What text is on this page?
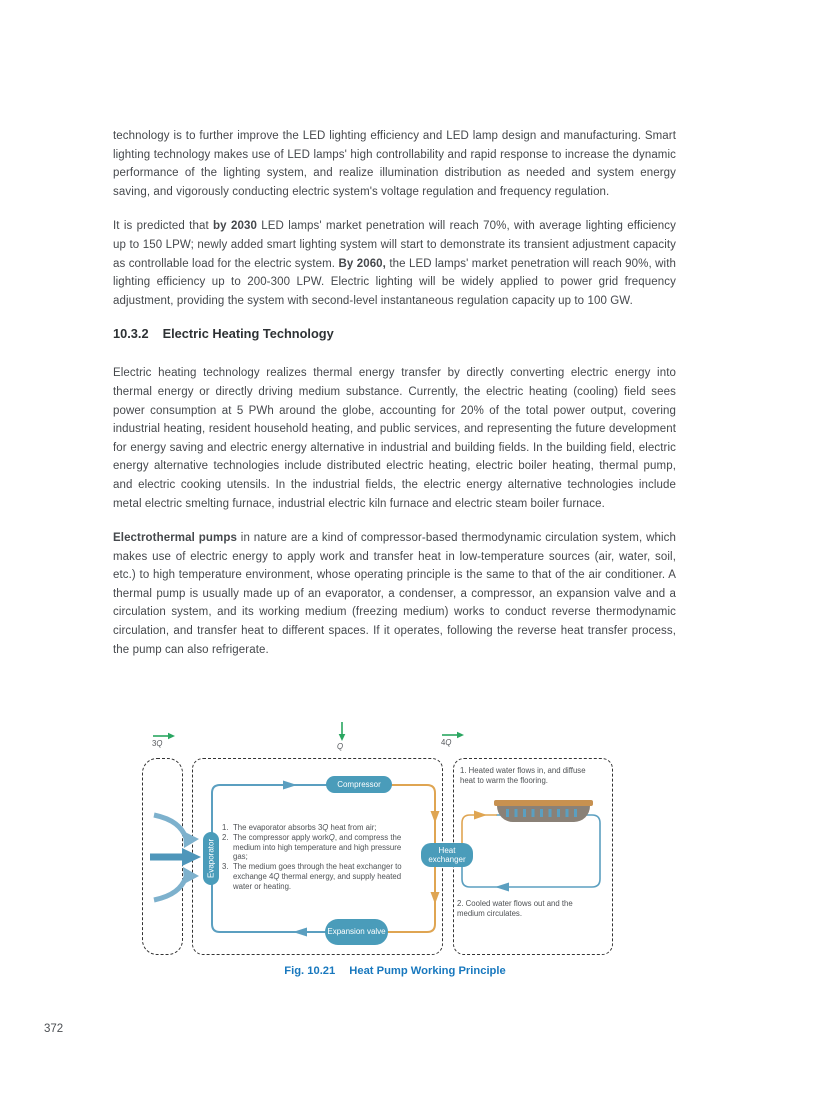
technology is to further improve the LED lighting efficiency and LED lamp design and manufacturing. Smart lighting technology makes use of LED lamps' high controllability and rapid response to increase the dynamic performance of the lighting system, and realize illumination distribution as needed and system energy saving, and vigorously conducting electric system's voltage regulation and frequency regulation.

It is predicted that by 2030 LED lamps' market penetration will reach 70%, with average lighting efficiency up to 150 LPW; newly added smart lighting system will start to demonstrate its transient adjustment capacity as controllable load for the electric system. By 2060, the LED lamps' market penetration will reach 90%, with lighting efficiency up to 200-300 LPW. Electric lighting will be widely applied to power grid frequency adjustment, providing the system with second-level instantaneous regulation capacity up to 100 GW.

10.3.2 Electric Heating Technology

Electric heating technology realizes thermal energy transfer by directly converting electric energy into thermal energy or directly driving medium substance. Currently, the electric heating (cooling) field sees power consumption at 5 PWh around the globe, accounting for 20% of the total power output, covering industrial heating, resident household heating, and public services, and representing the future development for energy saving and electric energy alternative in industrial and building fields. In the building field, electric energy alternative technologies include distributed electric heating, electric boiler heating, thermal pump, and electric cooking utensils. In the industrial fields, the electric energy alternative technologies include metal electric smelting furnace, industrial electric kiln furnace and electric steam boiler furnace.

Electrothermal pumps in nature are a kind of compressor-based thermodynamic circulation system, which makes use of electric energy to apply work and transfer heat in low-temperature sources (air, water, soil, etc.) to high temperature environment, whose operating principle is the same to that of the air conditioner. A thermal pump is usually made up of an evaporator, a condenser, a compressor, an expansion valve and a circulation system, and its working medium (freezing medium) works to conduct reverse thermodynamic circulation, and transfer heat to different spaces. If it operates, following the reverse heat transfer process, the pump can also refrigerate.

3Q	Q	4Q
Compressor
Evaporator	Heat exchanger
Expansion valve
1. The evaporator absorbs 3Q heat from air;
2. The compressor apply workQ, and compress the medium into high temperature and high pressure gas;
3. The medium goes through the heat exchanger to exchange 4Q thermal energy, and supply heated water or heating.
1. Heated water flows in, and diffuse heat to warm the flooring.
2. Cooled water flows out and the medium circulates.
Fig. 10.21 Heat Pump Working Principle
372
